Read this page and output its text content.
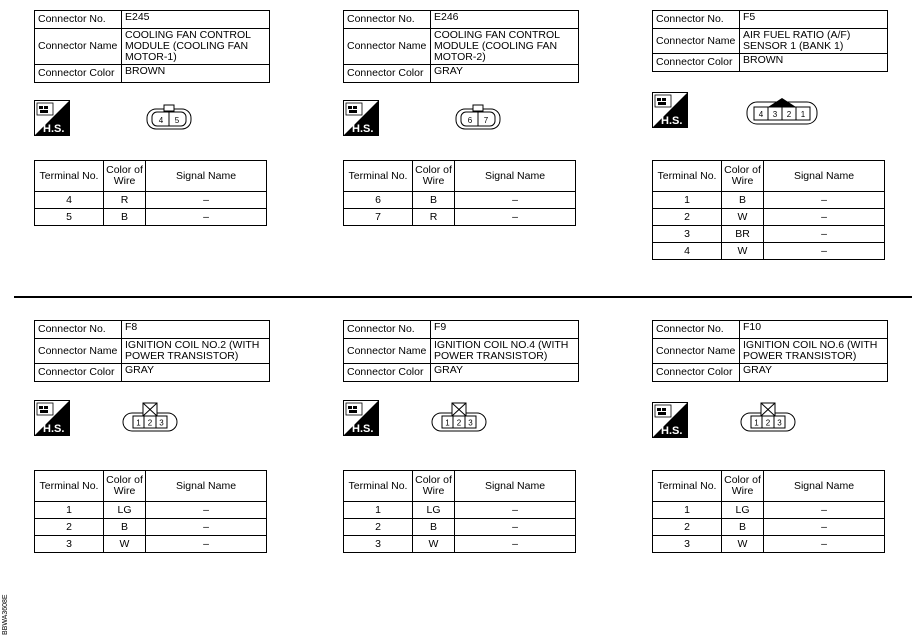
Connector No.	E245
Connector Name	COOLING FAN CONTROL MODULE (COOLING FAN MOTOR-1)
Connector Color	BROWN
H.S.
4 5
Terminal No.	Color of Wire	Signal Name
4	R	–
5	B	–
Connector No.	E246
Connector Name	COOLING FAN CONTROL MODULE (COOLING FAN MOTOR-2)
Connector Color	GRAY
H.S.
6 7
Terminal No.	Color of Wire	Signal Name
6	B	–
7	R	–
Connector No.	F5
Connector Name	AIR FUEL RATIO (A/F) SENSOR 1 (BANK 1)
Connector Color	BROWN
H.S.
4 3 2 1
Terminal No.	Color of Wire	Signal Name
1	B	–
2	W	–
3	BR	–
4	W	–
Connector No.	F8
Connector Name	IGNITION COIL NO.2 (WITH POWER TRANSISTOR)
Connector Color	GRAY
H.S.	1 2 3
Terminal No.	Color of Wire	Signal Name
1	LG	–
2	B	–
3	W	–
Connector No.	F9
Connector Name	IGNITION COIL NO.4 (WITH POWER TRANSISTOR)
Connector Color	GRAY
H.S.	1 2 3
Terminal No.	Color of Wire	Signal Name
1	LG	–
2	B	–
3	W	–
Connector No.	F10
Connector Name	IGNITION COIL NO.6 (WITH POWER TRANSISTOR)
Connector Color	GRAY
H.S.
1 2 3
Terminal No.	Color of Wire	Signal Name
1	LG	–
2	B	–
3	W	–
BBWA3608E
